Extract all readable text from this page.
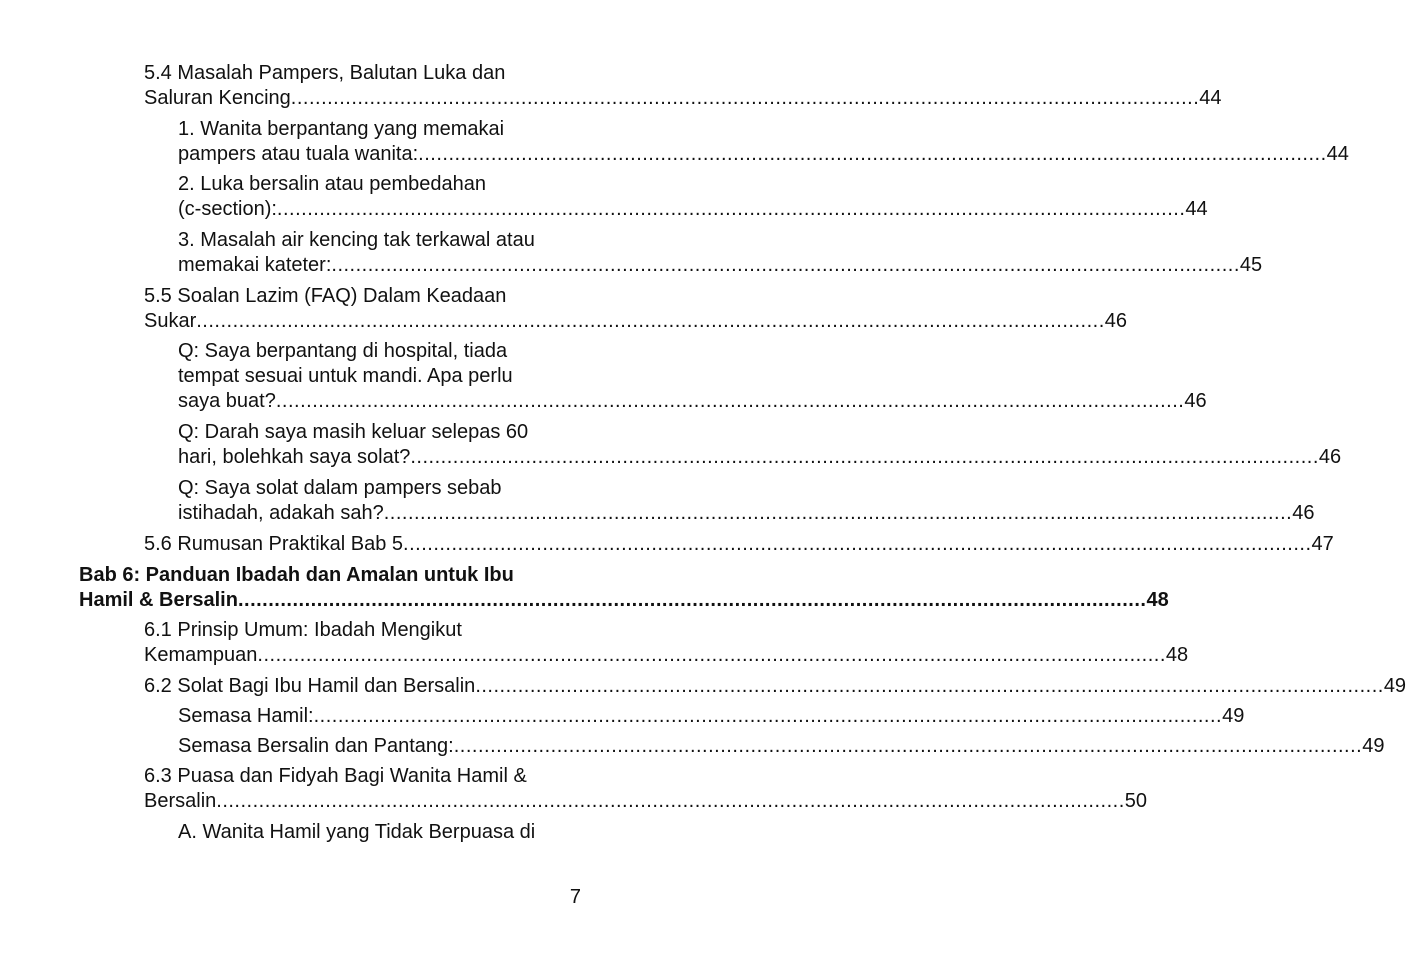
5.4 Masalah Pampers, Balutan Luka dan
Saluran Kencing .....	44
1. Wanita berpantang yang memakai
pampers atau tuala wanita: .....	44
2. Luka bersalin atau pembedahan
(c-section): .....	44
3. Masalah air kencing tak terkawal atau
memakai kateter: .....	45
5.5 Soalan Lazim (FAQ) Dalam Keadaan
Sukar .....	46
Q: Saya berpantang di hospital, tiada
tempat sesuai untuk mandi. Apa perlu
saya buat? .....	46
Q: Darah saya masih keluar selepas 60
hari, bolehkah saya solat? .....	46
Q: Saya solat dalam pampers sebab
istihadah, adakah sah? .....	46
5.6 Rumusan Praktikal Bab 5 .....	47
Bab 6: Panduan Ibadah dan Amalan untuk Ibu
Hamil & Bersalin .....	48
6.1 Prinsip Umum: Ibadah Mengikut
Kemampuan .....	48
6.2 Solat Bagi Ibu Hamil dan Bersalin .....	49
Semasa Hamil: .....	49
Semasa Bersalin dan Pantang: .....	49
6.3 Puasa dan Fidyah Bagi Wanita Hamil &
Bersalin .....	50
A. Wanita Hamil yang Tidak Berpuasa di
7
